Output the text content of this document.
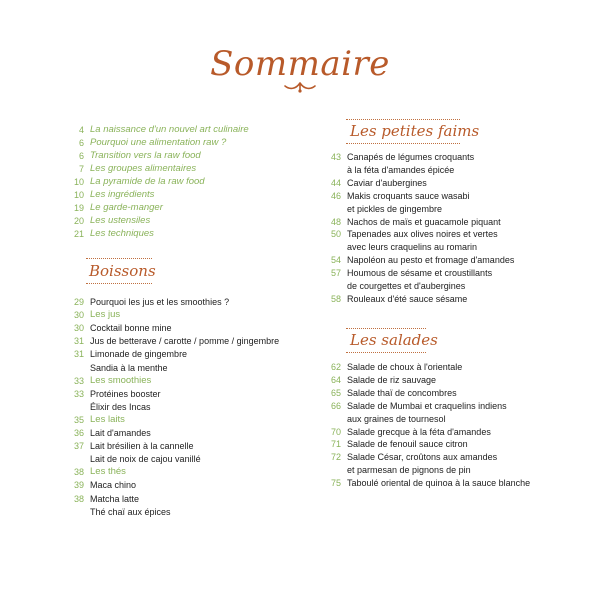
Sommaire
4 La naissance d'un nouvel art culinaire
6 Pourquoi une alimentation raw ?
6 Transition vers la raw food
7 Les groupes alimentaires
10 La pyramide de la raw food
10 Les ingrédients
19 Le garde-manger
20 Les ustensiles
21 Les techniques
Boissons
29 Pourquoi les jus et les smoothies ?
30 Les jus
30 Cocktail bonne mine
31 Jus de betterave / carotte / pomme / gingembre
31 Limonade de gingembre
Sandia à la menthe
33 Les smoothies
33 Protéines booster
Élixir des Incas
35 Les laits
36 Lait d'amandes
37 Lait brésilien à la cannelle
Lait de noix de cajou vanillé
38 Les thés
39 Maca chino
38 Matcha latte
Thé chaï aux épices
Les petites faims
43 Canapés de légumes croquants
à la féta d'amandes épicée
44 Caviar d'aubergines
46 Makis croquants sauce wasabi
et pickles de gingembre
48 Nachos de maïs et guacamole piquant
50 Tapenades aux olives noires et vertes
avec leurs craquelins au romarin
54 Napoléon au pesto et fromage d'amandes
57 Houmous de sésame et croustillants
de courgettes et d'aubergines
58 Rouleaux d'été sauce sésame
Les salades
62 Salade de choux à l'orientale
64 Salade de riz sauvage
65 Salade thaï de concombres
66 Salade de Mumbai et craquelins indiens
aux graines de tournesol
70 Salade grecque à la féta d'amandes
71 Salade de fenouil sauce citron
72 Salade César, croûtons aux amandes
et parmesan de pignons de pin
75 Taboulé oriental de quinoa à la sauce blanche
